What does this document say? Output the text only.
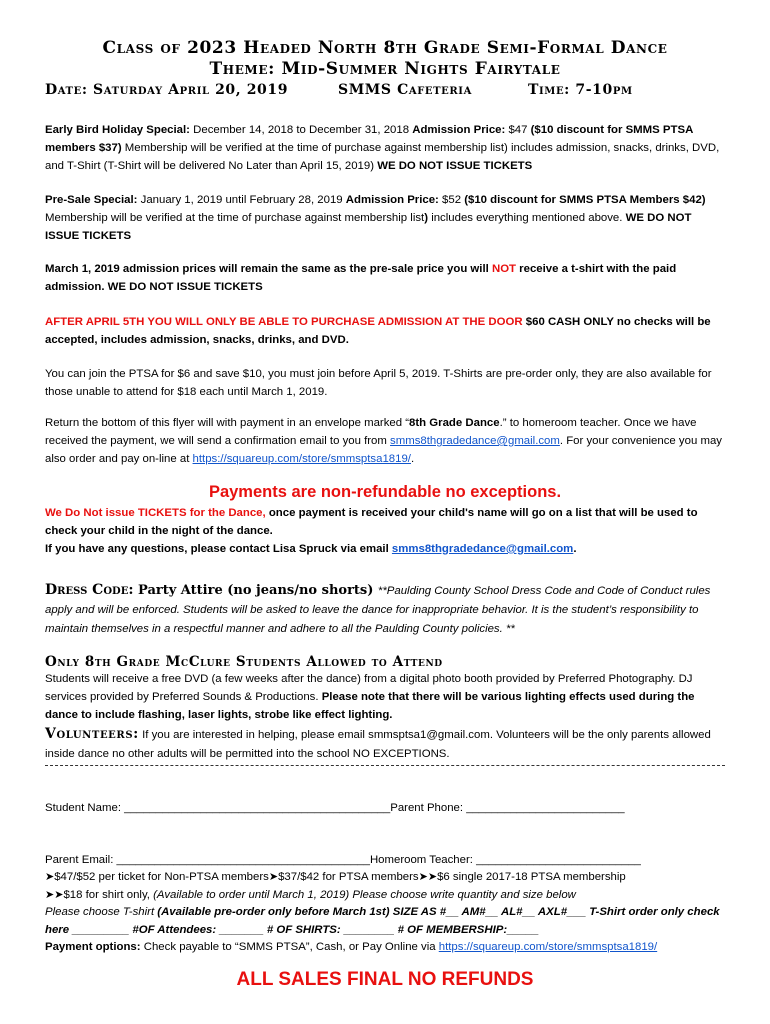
Class of 2023 Headed North 8th Grade Semi-Formal Dance
Theme: Mid-Summer Nights Fairytale
Date: Saturday April 20, 2019	SMMS Cafeteria	Time: 7-10pm
Early Bird Holiday Special: December 14, 2018 to December 31, 2018 Admission Price: $47 ($10 discount for SMMS PTSA members $37) Membership will be verified at the time of purchase against membership list) includes admission, snacks, drinks, DVD, and T-Shirt (T-Shirt will be delivered No Later than April 15, 2019) WE DO NOT ISSUE TICKETS
Pre-Sale Special: January 1, 2019 until February 28, 2019 Admission Price: $52 ($10 discount for SMMS PTSA Members $42) Membership will be verified at the time of purchase against membership list) includes everything mentioned above. WE DO NOT ISSUE TICKETS
March 1, 2019 admission prices will remain the same as the pre-sale price you will NOT receive a t-shirt with the paid admission. WE DO NOT ISSUE TICKETS
AFTER APRIL 5TH YOU WILL ONLY BE ABLE TO PURCHASE ADMISSION AT THE DOOR $60 CASH ONLY no checks will be accepted, includes admission, snacks, drinks, and DVD.
You can join the PTSA for $6 and save $10, you must join before April 5, 2019. T-Shirts are pre-order only, they are also available for those unable to attend for $18 each until March 1, 2019.
Return the bottom of this flyer will with payment in an envelope marked “8th Grade Dance.” to homeroom teacher. Once we have received the payment, we will send a confirmation email to you from smms8thgradedance@gmail.com. For your convenience you may also order and pay on-line at https://squareup.com/store/smmsptsa1819/.
Payments are non-refundable no exceptions.
We Do Not issue TICKETS for the Dance, once payment is received your child's name will go on a list that will be used to check your child in the night of the dance.
If you have any questions, please contact Lisa Spruck via email smms8thgradedance@gmail.com.
Dress Code: Party Attire (no jeans/no shorts) **Paulding County School Dress Code and Code of Conduct rules apply and will be enforced. Students will be asked to leave the dance for inappropriate behavior. It is the student’s responsibility to maintain themselves in a respectful manner and adhere to all the Paulding County policies. **
Only 8th Grade McClure Students Allowed to Attend
Students will receive a free DVD (a few weeks after the dance) from a digital photo booth provided by Preferred Photography. DJ services provided by Preferred Sounds & Productions. Please note that there will be various lighting effects used during the dance to include flashing, laser lights, strobe like effect lighting.
Volunteers: If you are interested in helping, please email smmsptsa1@gmail.com. Volunteers will be the only parents allowed inside dance no other adults will be permitted into the school NO EXCEPTIONS.
Student Name: __________________________________________Parent Phone: _________________________
Parent Email: ________________________________________Homeroom Teacher: __________________________
➤$47/$52 per ticket for Non-PTSA members➤$37/$42 for PTSA members➤➤$6 single 2017-18 PTSA membership
➤➤$18 for shirt only, (Available to order until March 1, 2019) Please choose write quantity and size below
Please choose T-shirt (Available pre-order only before March 1st) SIZE AS #__ AM#__ AL#__ AXL#___ T-Shirt order only check here _________ #OF Attendees: _______ # OF SHIRTS: ________ # OF MEMBERSHIP:_____
Payment options: Check payable to “SMMS PTSA”, Cash, or Pay Online via https://squareup.com/store/smmsptsa1819/
ALL SALES FINAL NO REFUNDS
